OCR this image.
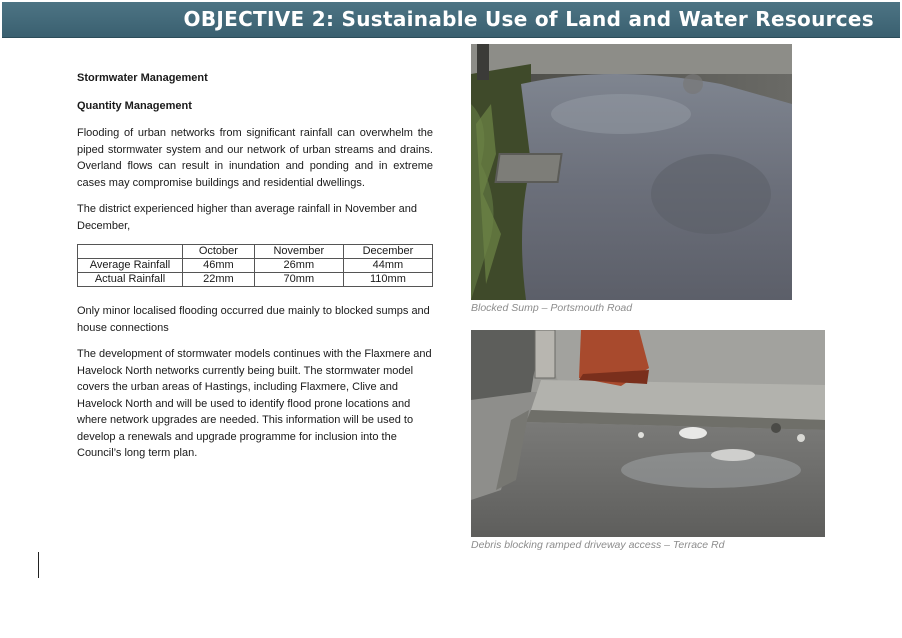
OBJECTIVE 2: Sustainable Use of Land and Water Resources

Stormwater Management

Quantity Management

Flooding of urban networks from significant rainfall can overwhelm the piped stormwater system and our network of urban streams and drains. Overland flows can result in inundation and ponding and in extreme cases may compromise buildings and residential dwellings.

The district experienced higher than average rainfall in November and December,

	October	November	December
Average Rainfall	46mm	26mm	44mm
Actual Rainfall	22mm	70mm	110mm

Only minor localised flooding occurred due mainly to blocked sumps and house connections

The development of stormwater models continues with the Flaxmere and Havelock North networks currently being built. The stormwater model covers the urban areas of Hastings, including Flaxmere, Clive and Havelock North and will be used to identify flood prone locations and where network upgrades are needed. This information will be used to develop a renewals and upgrade programme for inclusion into the Council’s long term plan.

Blocked Sump – Portsmouth Road
Debris blocking ramped driveway access – Terrace Rd
